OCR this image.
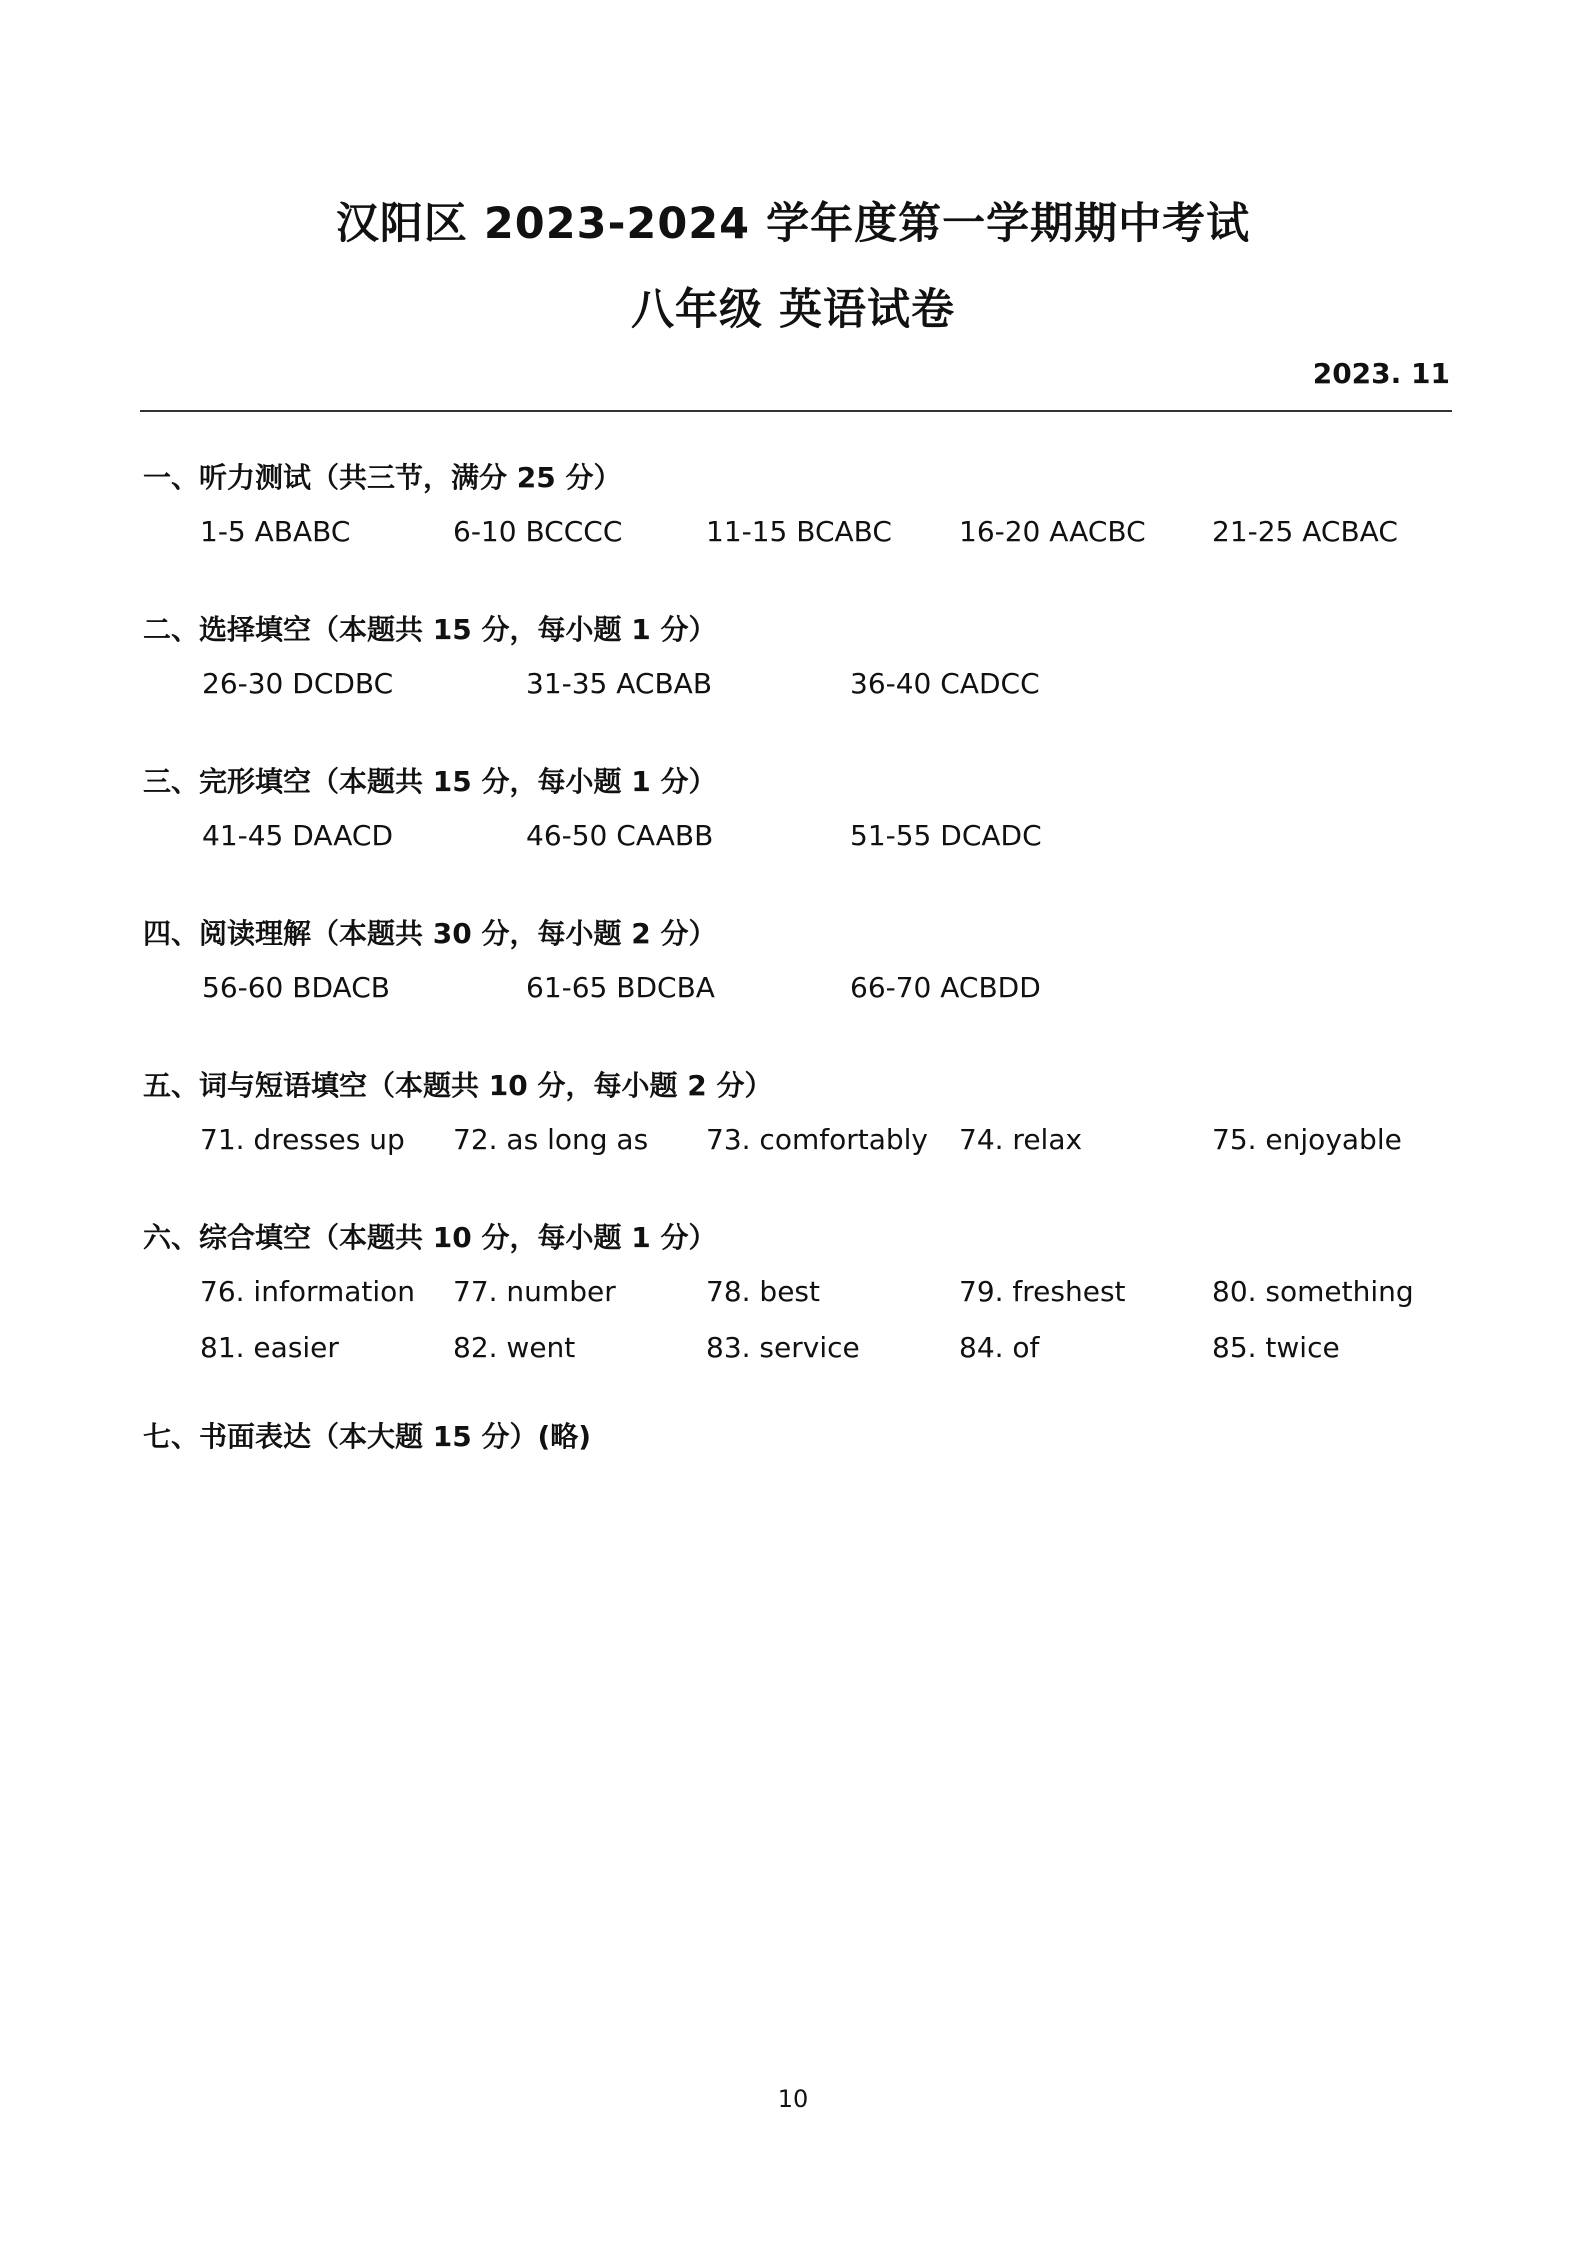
汉阳区 2023-2024 学年度第一学期期中考试
八年级 英语试卷
2023. 11
一、听力测试（共三节，满分 25 分）
1-5 ABABC	6-10 BCCCC	11-15 BCABC 16-20 AACBC 21-25 ACBAC
二、选择填空（本题共 15 分，每小题 1 分）
26-30 DCDBC	31-35 ACBAB	36-40 CADCC
三、完形填空（本题共 15 分，每小题 1 分）
41-45 DAACD	46-50 CAABB	51-55 DCADC
四、阅读理解（本题共 30 分，每小题 2 分）
56-60 BDACB	61-65 BDCBA	66-70 ACBDD
五、词与短语填空（本题共 10 分，每小题 2 分）
71. dresses up 72. as long as 73. comfortably 74. relax	75. enjoyable
六、综合填空（本题共 10 分，每小题 1 分）
76. information 77. number	78. best	79. freshest	80. something
81. easier	82. went	83. service	84. of	85. twice
七、书面表达（本大题 15 分）(略)
10
